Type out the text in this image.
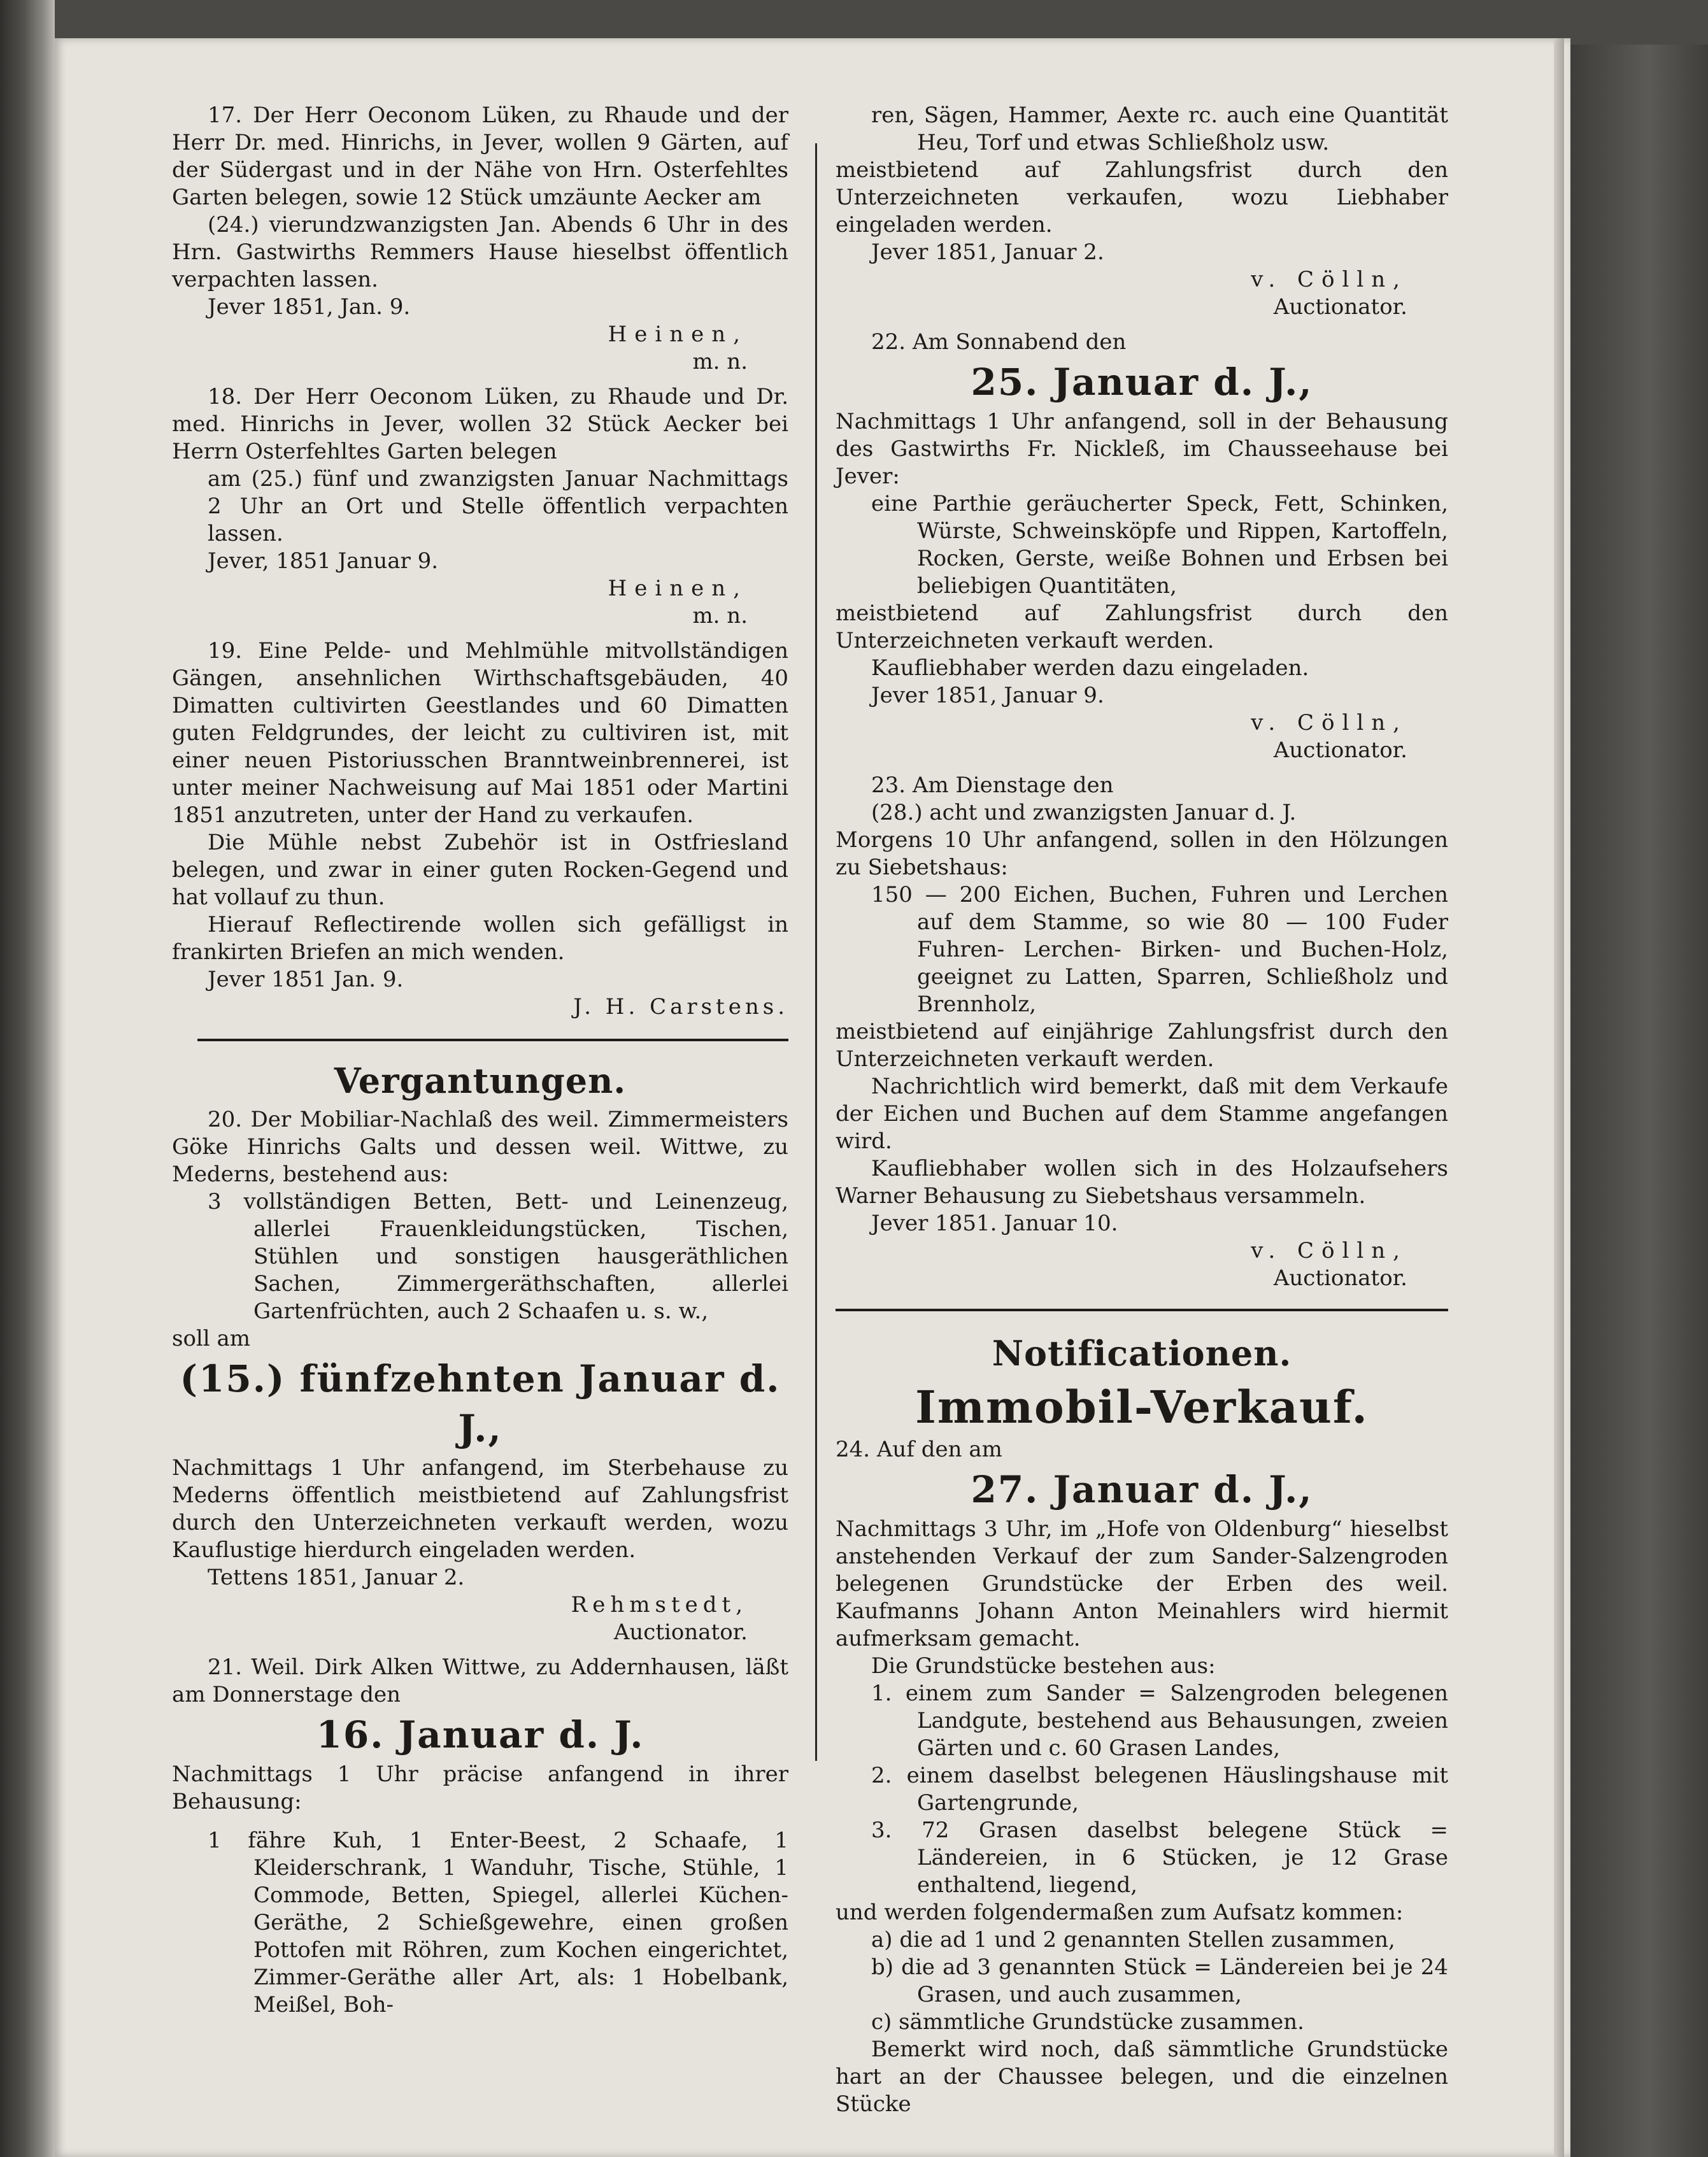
17. Der Herr Oeconom Lüken, zu Rhaude und der Herr Dr. med. Hinrichs, in Jever, wollen 9 Gärten, auf der Südergast und in der Nähe von Hrn. Osterfehltes Garten belegen, sowie 12 Stück umzäunte Aecker am

(24.) vierundzwanzigsten Jan. Abends 6 Uhr in des Hrn. Gastwirths Remmers Hause hieselbst öffentlich verpachten lassen.

Jever 1851, Jan. 9.

Heinen,

m. n.

18. Der Herr Oeconom Lüken, zu Rhaude und Dr. med. Hinrichs in Jever, wollen 32 Stück Aecker bei Herrn Osterfehltes Garten belegen

am (25.) fünf und zwanzigsten Januar Nachmittags 2 Uhr an Ort und Stelle öffentlich verpachten lassen.

Jever, 1851 Januar 9.

Heinen,

m. n.

19. Eine Pelde- und Mehlmühle mitvollständigen Gängen, ansehnlichen Wirthschaftsgebäuden, 40 Dimatten cultivirten Geestlandes und 60 Dimatten guten Feldgrundes, der leicht zu cultiviren ist, mit einer neuen Pistoriusschen Branntweinbrennerei, ist unter meiner Nachweisung auf Mai 1851 oder Martini 1851 anzutreten, unter der Hand zu verkaufen.

Die Mühle nebst Zubehör ist in Ostfriesland belegen, und zwar in einer guten Rocken-Gegend und hat vollauf zu thun.

Hierauf Reflectirende wollen sich gefälligst in frankirten Briefen an mich wenden.

Jever 1851 Jan. 9.

J. H. Carstens.

Vergantungen.

20. Der Mobiliar-Nachlaß des weil. Zimmermeisters Göke Hinrichs Galts und dessen weil. Wittwe, zu Mederns, bestehend aus:

3 vollständigen Betten, Bett- und Leinenzeug, allerlei Frauenkleidungstücken, Tischen, Stühlen und sonstigen hausgeräthlichen Sachen, Zimmergeräthschaften, allerlei Gartenfrüchten, auch 2 Schaafen u. s. w.,

soll am

(15.) fünfzehnten Januar d. J.,

Nachmittags 1 Uhr anfangend, im Sterbehause zu Mederns öffentlich meistbietend auf Zahlungsfrist durch den Unterzeichneten verkauft werden, wozu Kauflustige hierdurch eingeladen werden.

Tettens 1851, Januar 2.

Rehmstedt,

Auctionator.

21. Weil. Dirk Alken Wittwe, zu Addernhausen, läßt am Donnerstage den

16. Januar d. J.

Nachmittags 1 Uhr präcise anfangend in ihrer Behausung:

1 fähre Kuh, 1 Enter-Beest, 2 Schaafe, 1 Kleiderschrank, 1 Wanduhr, Tische, Stühle, 1 Commode, Betten, Spiegel, allerlei Küchen-Geräthe, 2 Schießgewehre, einen großen Pottofen mit Röhren, zum Kochen eingerichtet, Zimmer-Geräthe aller Art, als: 1 Hobelbank, Meißel, Boh-

ren, Sägen, Hammer, Aexte rc. auch eine Quantität Heu, Torf und etwas Schließholz usw.

meistbietend auf Zahlungsfrist durch den Unterzeichneten verkaufen, wozu Liebhaber eingeladen werden.

Jever 1851, Januar 2.

v. Cölln,

Auctionator.

22. Am Sonnabend den

25. Januar d. J.,

Nachmittags 1 Uhr anfangend, soll in der Behausung des Gastwirths Fr. Nickleß, im Chausseehause bei Jever:

eine Parthie geräucherter Speck, Fett, Schinken, Würste, Schweinsköpfe und Rippen, Kartoffeln, Rocken, Gerste, weiße Bohnen und Erbsen bei beliebigen Quantitäten,

meistbietend auf Zahlungsfrist durch den Unterzeichneten verkauft werden.

Kaufliebhaber werden dazu eingeladen.

Jever 1851, Januar 9.

v. Cölln,

Auctionator.

23. Am Dienstage den

(28.) acht und zwanzigsten Januar d. J.

Morgens 10 Uhr anfangend, sollen in den Hölzungen zu Siebetshaus:

150 — 200 Eichen, Buchen, Fuhren und Lerchen auf dem Stamme, so wie 80 — 100 Fuder Fuhren- Lerchen- Birken- und Buchen-Holz, geeignet zu Latten, Sparren, Schließholz und Brennholz,

meistbietend auf einjährige Zahlungsfrist durch den Unterzeichneten verkauft werden.

Nachrichtlich wird bemerkt, daß mit dem Verkaufe der Eichen und Buchen auf dem Stamme angefangen wird.

Kaufliebhaber wollen sich in des Holzaufsehers Warner Behausung zu Siebetshaus versammeln.

Jever 1851. Januar 10.

v. Cölln,

Auctionator.

Notificationen.

Immobil-Verkauf.

24. Auf den am

27. Januar d. J.,

Nachmittags 3 Uhr, im „Hofe von Oldenburg“ hieselbst anstehenden Verkauf der zum Sander-Salzengroden belegenen Grundstücke der Erben des weil. Kaufmanns Johann Anton Meinahlers wird hiermit aufmerksam gemacht.

Die Grundstücke bestehen aus:

1. einem zum Sander = Salzengroden belegenen Landgute, bestehend aus Behausungen, zweien Gärten und c. 60 Grasen Landes,

2. einem daselbst belegenen Häuslingshause mit Gartengrunde,

3. 72 Grasen daselbst belegene Stück = Ländereien, in 6 Stücken, je 12 Grase enthaltend, liegend,

und werden folgendermaßen zum Aufsatz kommen:

a) die ad 1 und 2 genannten Stellen zusammen,

b) die ad 3 genannten Stück = Ländereien bei je 24 Grasen, und auch zusammen,

c) sämmtliche Grundstücke zusammen.

Bemerkt wird noch, daß sämmtliche Grundstücke hart an der Chaussee belegen, und die einzelnen Stücke
